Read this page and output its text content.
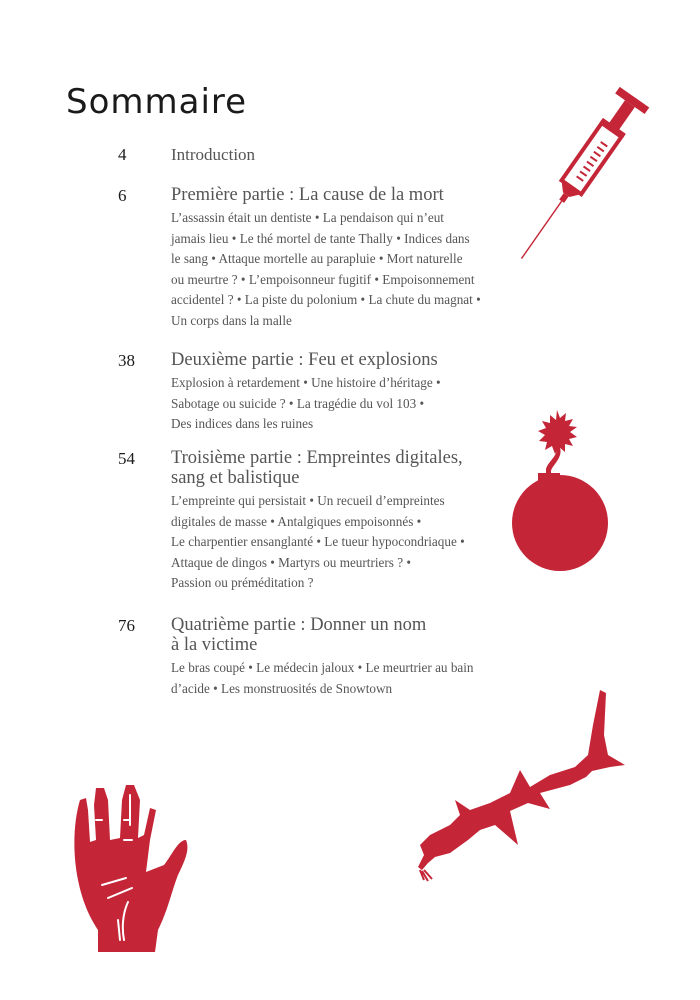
Sommaire
4	Introduction
6 Première partie : La cause de la mort
L’assassin était un dentiste • La pendaison qui n’eut
jamais lieu • Le thé mortel de tante Thally • Indices dans
le sang • Attaque mortelle au parapluie • Mort naturelle
ou meurtre ? • L’empoisonneur fugitif • Empoisonnement
accidentel ? • La piste du polonium • La chute du magnat •
Un corps dans la malle
38 Deuxième partie : Feu et explosions
Explosion à retardement • Une histoire d’héritage •
Sabotage ou suicide ? • La tragédie du vol 103 •
Des indices dans les ruines
54 Troisième partie : Empreintes digitales,
sang et balistique
L’empreinte qui persistait • Un recueil d’empreintes
digitales de masse • Antalgiques empoisonnés •
Le charpentier ensanglanté • Le tueur hypocondriaque •
Attaque de dingos • Martyrs ou meurtriers ? •
Passion ou préméditation ?
76 Quatrième partie : Donner un nom
à la victime
Le bras coupé • Le médecin jaloux • Le meurtrier au bain
d’acide • Les monstruosités de Snowtown
